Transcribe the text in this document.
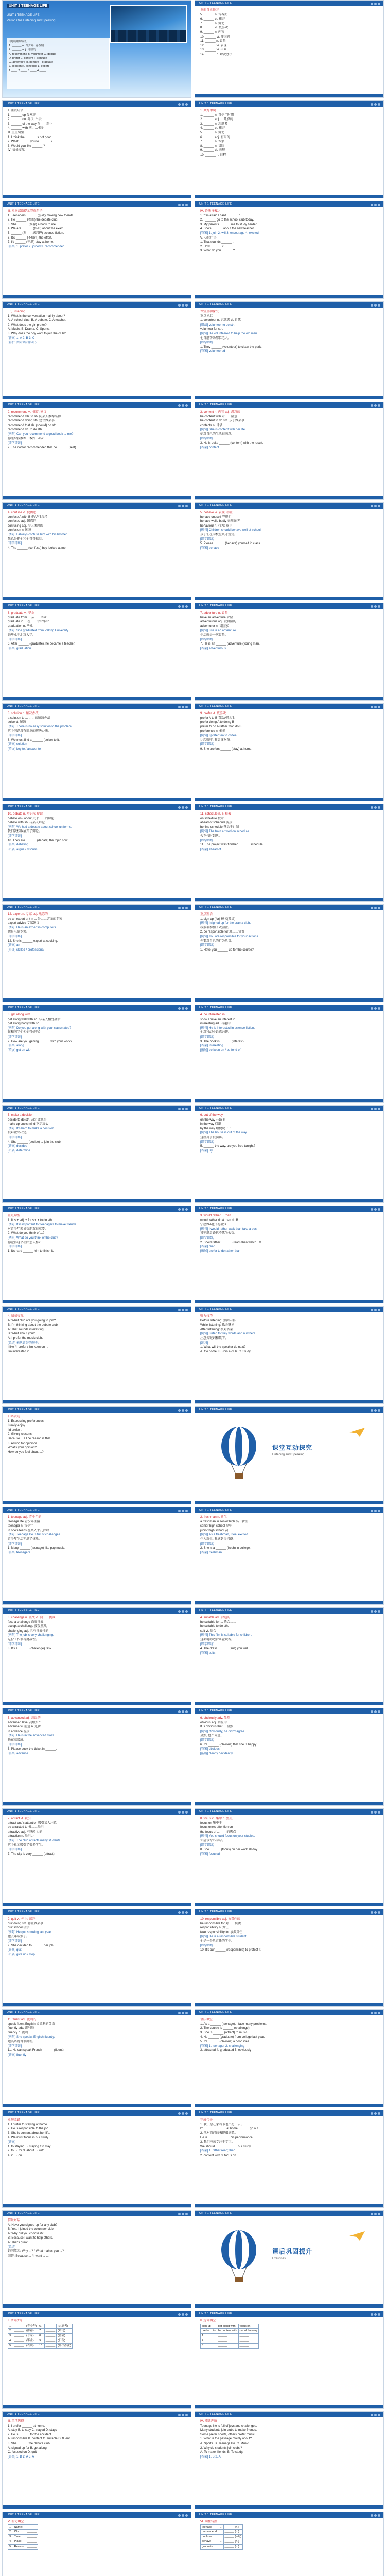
UNIT 1 TEENAGE LIFE
UNIT 1 TEENAGE LIFE
Period One Listening and Speaking
Ⅰ.阅读理解词汇
1. ______ n. 青少年; 青春期
2. ______ adj. 可信的
A. recommend B. volunteer C. debate
D. prefer E. content F. confuse
G. adventure H. behave I. graduate
J. solution K. schedule L. expert
1.____ 2.____ 3.____ 4.____
UNIT 1 TEENAGE LIFE
课前自主预习
5. ______ n. 青春期
6. ______ vt. 推荐
7. ______ n. 辩论
8. ______ vi. 更喜欢
9. ______ n. 内容
10. ______ vt. 使困惑
11. ______ n. 冒险
12. ______ vi. 表现
13. ______ vi. 毕业
14. ______ n. 解决办法
UNIT 1 TEENAGE LIFE
Ⅱ. 重点短语
1. ______ up 受欢迎
2. ______ out 淘汰; 出去
3. ______ of the way 在……路上
4. ______ with 同……相处
Ⅲ. 重点句型
1. I think the ______ is not good.
2. What ______ you to ______ ?
3. Would you like ______ ?
Ⅳ. 情景交际
UNIT 1 TEENAGE LIFE
1. 默写单词
1. ______ n. 青少年时期
2. ______ adj. 十几岁的
3. ______ n. 志愿者
4. ______ vt. 推荐
5. ______ n. 辩论
6. ______ adj. 有用的
7. ______ n. 专家
8. ______ n. 冒险
9. ______ vi. 表现
10. ______ n. 日程
UNIT 1 TEENAGE LIFE
Ⅲ. 根据汉语提示完成句子
1. Teenagers ______ (喜欢) making new friends.
2. He ______ (参加) the debate club.
3. She ______ (推荐) a book to me.
4. We are ______ (担心) about the exam.
5. ______ (对……感兴趣) science fiction.
6. It's ______ (不值得) the effort.
7. I'd ______ (宁愿) stay at home.
[答案] 1. prefer 2. joined 3. recommended
UNIT 1 TEENAGE LIFE
Ⅳ. 语法与表达
1. "I'm afraid I can't ______ ."
2. I ______ go to the school club today.
3. My parents ______ me to study harder.
4. She's ______ about the new teacher.
[答案] 1. join 2. will 3. encourage 4. excited
Ⅴ. 交际用语
1. That sounds ______ .
2. How ______ ?
3. What do you ______ ?
UNIT 1 TEENAGE LIFE
一、listening
1. What is the conversation mainly about?
A. A school club. B. A debate. C. A teacher.
2. What does the girl prefer?
A. Music. B. Drama. C. Sports.
3. Why does the boy want to join the club?
[答案] 1. A 2. B 3. C
[解析] 由对话内容可知……
UNIT 1 TEENAGE LIFE
课堂互动探究
重点词汇
1. volunteer n. 志愿者 vi. 自愿
[用法] volunteer to do sth.
volunteer for sth.
[例句] He volunteered to help the old man.
他自愿帮助那位老人。
[即学即练]
1. They ______ (volunteer) to clean the park.
[答案] volunteered
UNIT 1 TEENAGE LIFE
2. recommend vt. 推荐; 建议
recommend sth. to sb. 向某人推荐某物
recommend doing sth. 建议做某事
recommend that sb. (should) do sth.
recommend sb. to do sth.
[例句] Can you recommend a good book to me?
你能给我推荐一本好书吗?
[即学即练]
2. The doctor recommended that he ______ (rest).
UNIT 1 TEENAGE LIFE
3. content n. 内容 adj. 满意的
be content with 对……满意
be content to do sth. 乐于做某事
contents n. 目录
[例句] She is content with her life.
她对自己的生活很满意。
[即学即练]
3. He is quite ______ (content) with the result.
[答案] content
UNIT 1 TEENAGE LIFE
4. confuse vt. 使困惑
confuse A with B 把A与B混淆
confused adj. 困惑的
confusing adj. 令人困惑的
confusion n. 困惑
[例句] I always confuse him with his brother.
我总是把他和他哥哥搞混。
[即学即练]
4. The ______ (confuse) boy looked at me.
UNIT 1 TEENAGE LIFE
5. behave vi. 表现; 举止
behave oneself 守规矩
behave well / badly 表现好/差
behaviour n. 行为; 举止
[例句] Children should behave well at school.
孩子们在学校应该守规矩。
[即学即练]
5. Please ______ (behave) yourself in class.
[答案] behave
UNIT 1 TEENAGE LIFE
6. graduate vi. 毕业
graduate from ... 从……毕业
graduate in ... 在……专业毕业
graduation n. 毕业
[例句] She graduated from Peking University.
她毕业于北京大学。
[即学即练]
6. After ______ (graduate), he became a teacher.
[答案] graduation
UNIT 1 TEENAGE LIFE
7. adventure n. 冒险
have an adventure 冒险
adventurous adj. 爱冒险的
adventurer n. 冒险家
[例句] Life is an adventure.
生活就是一次冒险。
[即学即练]
7. He is an ______ (adventure) young man.
[答案] adventurous
UNIT 1 TEENAGE LIFE
8. solution n. 解决办法
a solution to ... ……的解决办法
solve vt. 解决
[例句] There is no easy solution to the problem.
这个问题没有简单的解决办法。
[即学即练]
8. We must find a ______ (solve) to it.
[答案] solution
[拓展] key to / answer to
UNIT 1 TEENAGE LIFE
9. prefer vt. 更喜欢
prefer A to B 喜欢A胜过B
prefer doing A to doing B
prefer to do A rather than do B
preference n. 偏爱
[例句] I prefer tea to coffee.
比起咖啡, 我更喜欢茶。
[即学即练]
9. She prefers ______ (stay) at home.
UNIT 1 TEENAGE LIFE
10. debate n. 辩论 v. 辩论
debate on / about 关于……的辩论
debate with sb. 与某人辩论
[例句] We had a debate about school uniforms.
我们就校服展开了辩论。
[即学即练]
10. They are ______ (debate) the topic now.
[答案] debating
[拓展] argue / discuss
UNIT 1 TEENAGE LIFE
11. schedule n. 日程表
on schedule 按时
ahead of schedule 提前
behind schedule 落后于计划
[例句] The train arrived on schedule.
火车按时到达。
[即学即练]
11. The project was finished ______ schedule.
[答案] ahead of
UNIT 1 TEENAGE LIFE
12. expert n. 专家 adj. 熟练的
be an expert at / in ... 是……方面的专家
expert advice 专家建议
[例句] He is an expert in computers.
他是电脑专家。
[即学即练]
12. She is ______ expert at cooking.
[答案] an
[拓展] skilled / professional
UNIT 1 TEENAGE LIFE
重点短语
1. sign up (for) 报名(参加)
[例句] I signed up for the drama club.
我报名参加了戏剧社。
2. be responsible for 对……负责
[例句] You are responsible for your actions.
你要对自己的行为负责。
[即学即练]
1. Have you ______ up for the course?
UNIT 1 TEENAGE LIFE
3. get along with
get along well with sb. 与某人相处融洽
get along badly with sb.
[例句] Do you get along with your classmates?
你和同学们相处得好吗?
[即学即练]
2. How are you getting ______ with your work?
[答案] along
[拓展] get on with
UNIT 1 TEENAGE LIFE
4. be interested in
show / have an interest in
interesting adj. 有趣的
[例句] He is interested in science fiction.
他对科幻小说感兴趣。
[即学即练]
3. The book is ______ (interest).
[答案] interesting
[拓展] be keen on / be fond of
UNIT 1 TEENAGE LIFE
5. make a decision
decide to do sth. 决定做某事
make up one's mind 下定决心
[例句] It's hard to make a decision.
很难做出决定。
[即学即练]
4. She ______ (decide) to join the club.
[答案] decided
[拓展] determine
UNIT 1 TEENAGE LIFE
6. out of the way
on the way 在路上
in the way 挡道
by the way 顺便说一下
[例句] The house is out of the way.
这座房子很偏僻。
[即学即练]
5. ______ the way, are you free tonight?
[答案] By
UNIT 1 TEENAGE LIFE
重点句型
1. It is + adj. + for sb. + to do sth.
[例句] It is important for teenagers to make friends.
对青少年来说交朋友很重要。
2. What do you think of ...?
[例句] What do you think of the club?
你觉得这个社团怎么样?
[即学即练]
1. It's hard ______ him to finish it.
UNIT 1 TEENAGE LIFE
3. would rather ... than ...
would rather do A than do B
宁愿做A也不愿做B
[例句] I would rather walk than take a bus.
我宁愿走路也不愿坐公交。
[即学即练]
2. She'd rather ______ (read) than watch TV.
[答案] read
[拓展] prefer to do rather than
UNIT 1 TEENAGE LIFE
4. 情景交际
A: What club are you going to join?
B: I'm thinking about the debate club.
A: That sounds interesting.
B: What about you?
A: I prefer the music club.
[总结] 表达喜好的句型:
I like / I prefer / I'm keen on ...
I'm interested in ...
UNIT 1 TEENAGE LIFE
听力技巧
Before listening: 预测内容
While listening: 抓关键词
After listening: 核对答案
[例句] Listen for key words and numbers.
注意关键词和数字。
[练习]
1. What will the speaker do next?
A. Go home. B. Join a club. C. Study.
UNIT 1 TEENAGE LIFE
口语表达
1. Expressing preferences
I really enjoy ...
I'd prefer ...
2. Giving reasons
Because ... / The reason is that ...
3. Asking for opinions
What's your opinion?
How do you feel about ...?
UNIT 1 TEENAGE LIFE
课堂互动探究
Listening and Speaking
UNIT 1 TEENAGE LIFE
1. teenage adj. 青少年的
teenage life 青少年生活
teenager n. 青少年
in one's teens 在某人十几岁时
[例句] Teenage life is full of challenges.
青少年生活充满了挑战。
[即学即练]
1. Many ______ (teenage) like pop music.
[答案] teenagers
UNIT 1 TEENAGE LIFE
2. freshman n. 新生
a freshman in senior high 高一新生
senior high school 高中
junior high school 初中
[例句] As a freshman, I feel excited.
作为新生, 我感到很兴奋。
[即学即练]
2. She is a ______ (fresh) in college.
[答案] freshman
UNIT 1 TEENAGE LIFE
3. challenge n. 挑战 vt. 向……挑战
face a challenge 面临挑战
accept a challenge 接受挑战
challenging adj. 具有挑战性的
[例句] The job is very challenging.
这份工作很有挑战性。
[即学即练]
3. It's a ______ (challenge) task.
UNIT 1 TEENAGE LIFE
4. suitable adj. 合适的
be suitable for ... 适合……
be suitable to do sth.
suit vt. 适合
[例句] This film is suitable for children.
这部电影适合儿童观看。
[即学即练]
4. The dress ______ (suit) you well.
[答案] suits
UNIT 1 TEENAGE LIFE
5. advanced adj. 高级的
advanced level 高级水平
advance vi. 前进 n. 进步
in advance 提前
[例句] He is in the advanced class.
他在高级班。
[即学即练]
5. Please book the ticket in ______.
[答案] advance
UNIT 1 TEENAGE LIFE
6. obviously adv. 显然
obvious adj. 明显的
It is obvious that ... 显然……
[例句] Obviously, he didn't agree.
显然, 他不同意。
[即学即练]
6. It's ______ (obvious) that she is happy.
[答案] obvious
[拓展] clearly / evidently
UNIT 1 TEENAGE LIFE
7. attract vt. 吸引
attract one's attention 吸引某人注意
be attracted to 被……吸引
attractive adj. 有吸引力的
attraction n. 吸引力
[例句] The club attracts many students.
这个社团吸引了很多学生。
[即学即练]
7. The city is very ______ (attract).
UNIT 1 TEENAGE LIFE
8. focus vi. 集中 n. 焦点
focus on 集中于
focus one's attention on
the focus of ... ……的焦点
[例句] You should focus on your studies.
你应该专心学习。
[即学即练]
8. She ______ (focus) on her work all day.
[答案] focused
UNIT 1 TEENAGE LIFE
9. quit vt. 停止; 离开
quit doing sth. 停止做某事
quit school 辍学
[例句] He quit smoking last year.
他去年戒烟了。
[即学即练]
9. She decided to ______ her job.
[答案] quit
[拓展] give up / stop
UNIT 1 TEENAGE LIFE
10. responsible adj. 负责任的
be responsible for 对……负责
responsibility n. 责任
take responsibility for 承担责任
[例句] He is a responsible student.
他是一个负责任的学生。
[即学即练]
10. It's our ______ (responsible) to protect it.
UNIT 1 TEENAGE LIFE
11. fluent adj. 流利的
speak fluent English 说流利的英语
fluently adv. 流利地
fluency n. 流利
[例句] She speaks English fluently.
她英语说得很流利。
[即学即练]
11. He can speak French ______ (fluent).
[答案] fluently
UNIT 1 TEENAGE LIFE
语法填空
1. As a ______ (teenage), I face many problems.
2. The course is ______ (challenge).
3. She is ______ (attract) to music.
4. He ______ (graduate) from college last year.
5. It's ______ (obvious) a good idea.
[答案] 1. teenager 2. challenging
3. attracted 4. graduated 5. obviously
UNIT 1 TEENAGE LIFE
单句改错
1. I prefer to staying at home.
2. He is responsible to the job.
3. She is content about her life.
4. We must focus in our study.
[答案]
1. to staying → staying / to stay
2. to → for 3. about → with
4. in → on
UNIT 1 TEENAGE LIFE
完成句子
1. 我宁愿在家看书也不愿出去。
I'd ______ ______ at home ______ go out.
2. 他对自己的表现很满意。
He is ______ ______ his performance.
3. 我们应该专注于学习。
We should ______ ______ our study.
[答案] 1. rather read; than
2. content with 3. focus on
UNIT 1 TEENAGE LIFE
情景对话
A: Have you signed up for any club?
B: Yes, I joined the volunteer club.
A: Why did you choose it?
B: Because I want to help others.
A: That's great!
[总结]
询问原因: Why ...? / What makes you ...?
回答: Because ... / I want to ...
UNIT 1 TEENAGE LIFE
课后巩固提升
Exercises
UNIT 1 TEENAGE LIFE
Ⅰ. 单词拼写
1.	______	(青少年)	6.	______	(志愿者)
2.	______	(推荐)	7.	______	(辩论)
3.	______	(专家)	8.	______	(冒险)
4.	______	(毕业)	9.	______	(日程)
5.	______	(表现)	10.	______	(解决办法)
UNIT 1 TEENAGE LIFE
Ⅱ. 选词填空
sign up	get along with	focus on
prefer ... to	be content with	out of the way
1.	______	______
2.	______	______
3.	______	______
UNIT 1 TEENAGE LIFE
Ⅲ. 单项选择
1. I prefer ______ at home.
A. stay B. to stay C. stayed D. stays
2. He is ______ for the accident.
A. responsible B. content C. suitable D. fluent
3. She ______ the debate club.
A. signed up for B. got along
C. focused on D. quit
[答案] 1. B 2. A 3. A
UNIT 1 TEENAGE LIFE
Ⅳ. 阅读理解
Teenage life is full of joys and challenges.
Many students join clubs to make friends.
Some prefer sports, others prefer music.
1. What is the passage mainly about?
A. Sports. B. Teenage life. C. Music.
2. Why do students join clubs?
A. To make friends. B. To study.
[答案] 1. B 2. A
UNIT 1 TEENAGE LIFE
Ⅴ. 听力填空
1.	Name:	______
2.	Club:	______
3.	Time:	______
4.	Place:	______
5.	Reason:	______
UNIT 1 TEENAGE LIFE
Ⅵ. 词性转换
teenage	→	______ (n.)
recommend	→	______ (n.)
confuse	→	______ (adj.)
behave	→	______ (n.)
graduate	→	______ (n.)
